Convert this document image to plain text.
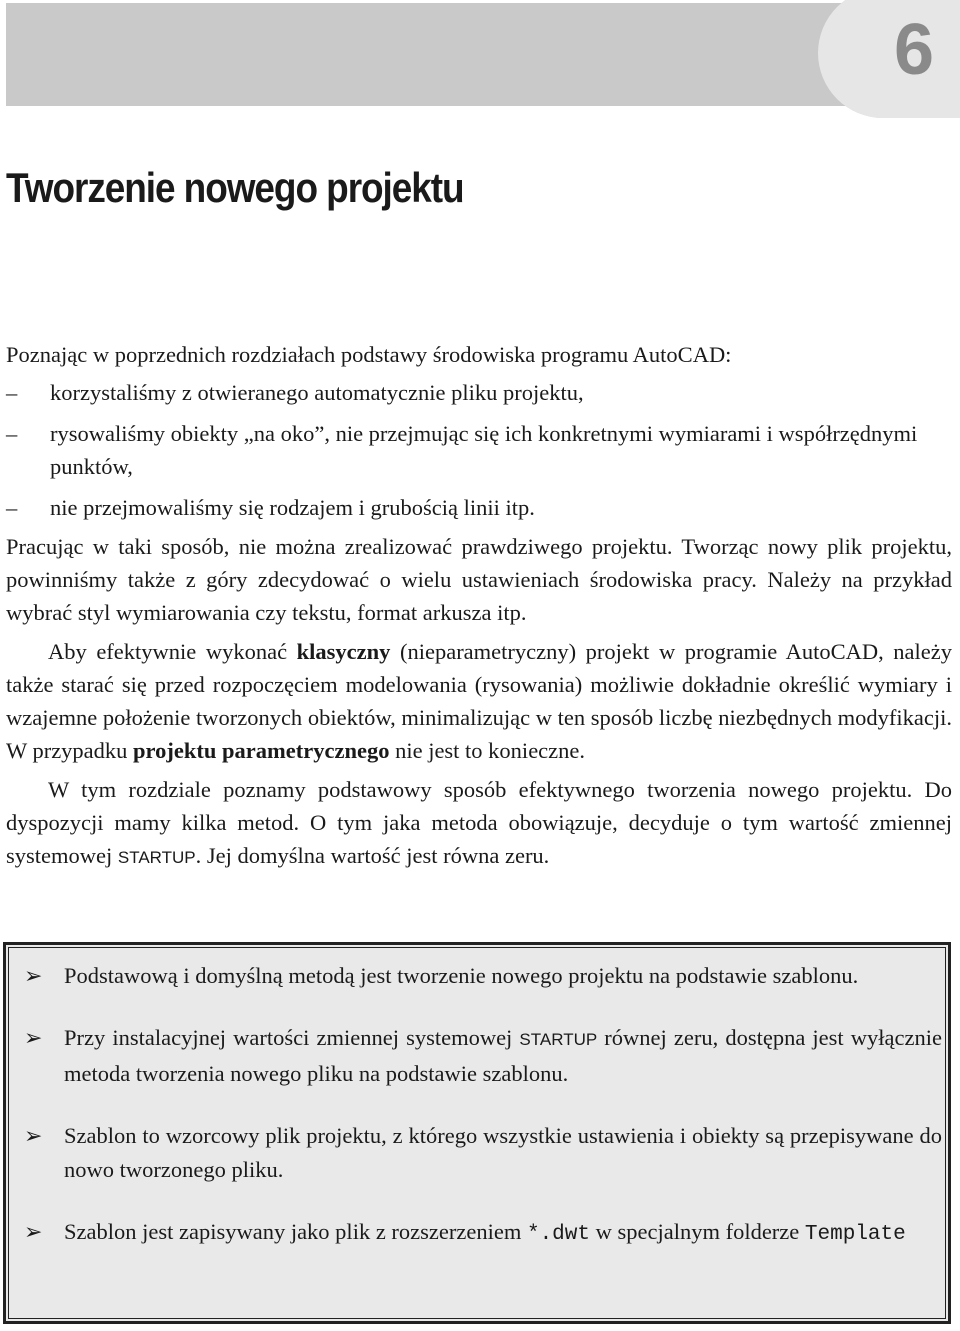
6
Tworzenie nowego projektu

Poznając w poprzednich rozdziałach podstawy środowiska programu AutoCAD:

– korzystaliśmy z otwieranego automatycznie pliku projektu,
– rysowaliśmy obiekty „na oko”, nie przejmując się ich konkretnymi wymiarami i współrzędnymi punktów,
– nie przejmowaliśmy się rodzajem i grubością linii itp.

Pracując w taki sposób, nie można zrealizować prawdziwego projektu. Tworząc nowy plik projektu, powinniśmy także z góry zdecydować o wielu ustawieniach środowiska pracy. Należy na przykład wybrać styl wymiarowania czy tekstu, format arkusza itp.

Aby efektywnie wykonać klasyczny (nieparametryczny) projekt w programie AutoCAD, należy także starać się przed rozpoczęciem modelowania (rysowania) możliwie dokładnie określić wymiary i wzajemne położenie tworzonych obiektów, minimalizując w ten sposób liczbę niezbędnych modyfikacji. W przypadku projektu parametrycznego nie jest to konieczne.

W tym rozdziale poznamy podstawowy sposób efektywnego tworzenia nowego projektu. Do dyspozycji mamy kilka metod. O tym jaka metoda obowiązuje, decyduje o tym wartość zmiennej systemowej STARTUP. Jej domyślna wartość jest równa zeru.

➢ Podstawową i domyślną metodą jest tworzenie nowego projektu na podstawie szablonu.
➢ Przy instalacyjnej wartości zmiennej systemowej STARTUP równej zeru, dostępna jest wyłącznie metoda tworzenia nowego pliku na podstawie szablonu.
➢ Szablon to wzorcowy plik projektu, z którego wszystkie ustawienia i obiekty są przepisywane do nowo tworzonego pliku.
➢ Szablon jest zapisywany jako plik z rozszerzeniem *.dwt w specjalnym folderze Template
